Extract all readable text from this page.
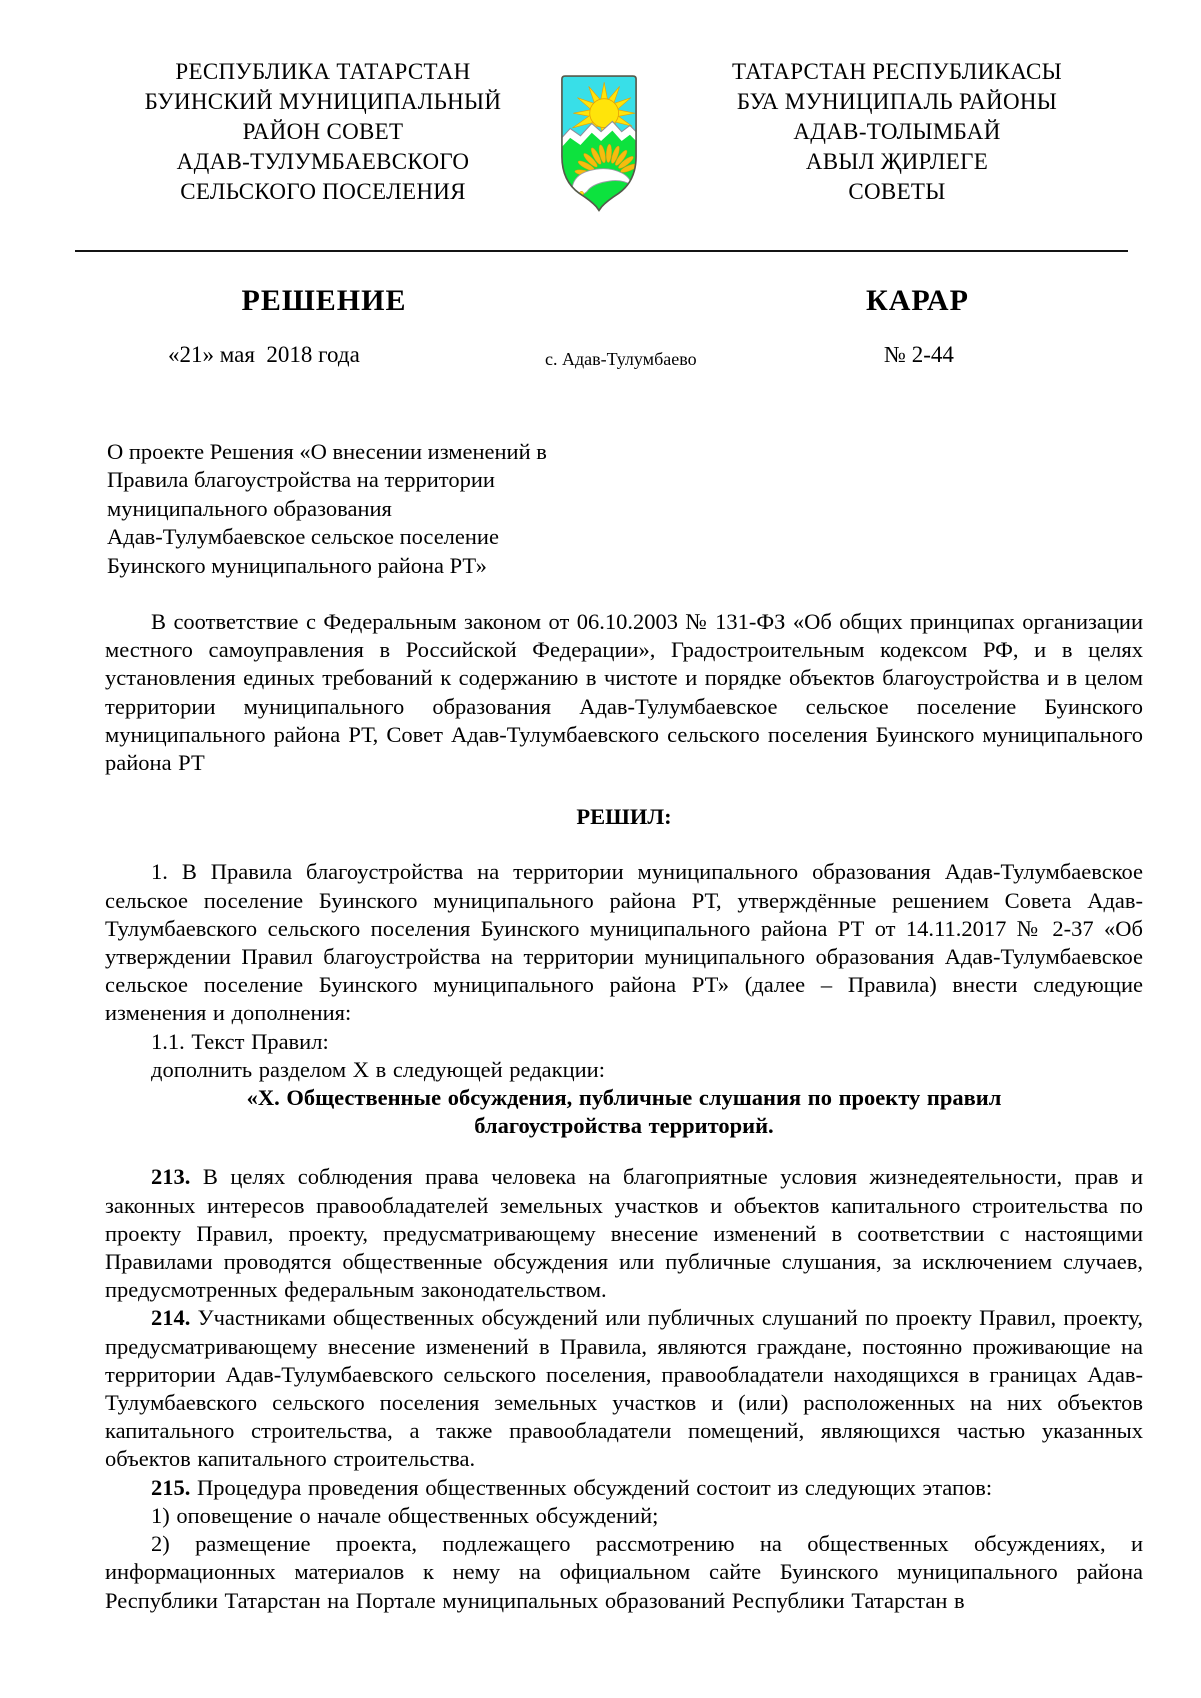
РЕСПУБЛИКА ТАТАРСТАН
БУИНСКИЙ МУНИЦИПАЛЬНЫЙ
РАЙОН СОВЕТ
АДАВ-ТУЛУМБАЕВСКОГО
СЕЛЬСКОГО ПОСЕЛЕНИЯ
ТАТАРСТАН РЕСПУБЛИКАСЫ
БУА МУНИЦИПАЛЬ РАЙОНЫ
АДАВ-ТОЛЫМБАЙ
АВЫЛ ҖИРЛЕГЕ
СОВЕТЫ
РЕШЕНИЕ	КАРАР
«21» мая  2018 года	с. Адав-Тулумбаево	№ 2-44
О проекте Решения «О внесении изменений в
Правила благоустройства на территории
муниципального образования
Адав-Тулумбаевское сельское поселение
Буинского муниципального района РТ»

В соответствие с Федеральным законом от 06.10.2003 № 131-ФЗ «Об общих принципах организации местного самоуправления в Российской Федерации», Градостроительным кодексом РФ, и в целях установления единых требований к содержанию в чистоте и порядке объектов благоустройства и в целом территории муниципального образования Адав-Тулумбаевское сельское поселение Буинского муниципального района РТ, Совет Адав-Тулумбаевского сельского поселения Буинского муниципального района РТ

РЕШИЛ:

1. В Правила благоустройства на территории муниципального образования Адав-Тулумбаевское сельское поселение Буинского муниципального района РТ, утверждённые решением Совета Адав-Тулумбаевского сельского поселения Буинского муниципального района РТ от 14.11.2017 № 2-37 «Об утверждении Правил благоустройства на территории муниципального образования Адав-Тулумбаевское сельское поселение Буинского муниципального района РТ» (далее – Правила) внести следующие изменения и дополнения:

1.1. Текст Правил:

дополнить разделом Х в следующей редакции:

«Х. Общественные обсуждения, публичные слушания по проекту правил

благоустройства территорий.

213. В целях соблюдения права человека на благоприятные условия жизнедеятельности, прав и законных интересов правообладателей земельных участков и объектов капитального строительства по проекту Правил, проекту, предусматривающему внесение изменений в соответствии с настоящими Правилами проводятся общественные обсуждения или публичные слушания, за исключением случаев, предусмотренных федеральным законодательством.

214. Участниками общественных обсуждений или публичных слушаний по проекту Правил, проекту, предусматривающему внесение изменений в Правила, являются граждане, постоянно проживающие на территории Адав-Тулумбаевского сельского поселения, правообладатели находящихся в границах Адав-Тулумбаевского сельского поселения земельных участков и (или) расположенных на них объектов капитального строительства, а также правообладатели помещений, являющихся частью указанных объектов капитального строительства.

215. Процедура проведения общественных обсуждений состоит из следующих этапов:

1) оповещение о начале общественных обсуждений;

2) размещение проекта, подлежащего рассмотрению на общественных обсуждениях, и информационных материалов к нему на официальном сайте Буинского муниципального района Республики Татарстан на Портале муниципальных образований Республики Татарстан в
